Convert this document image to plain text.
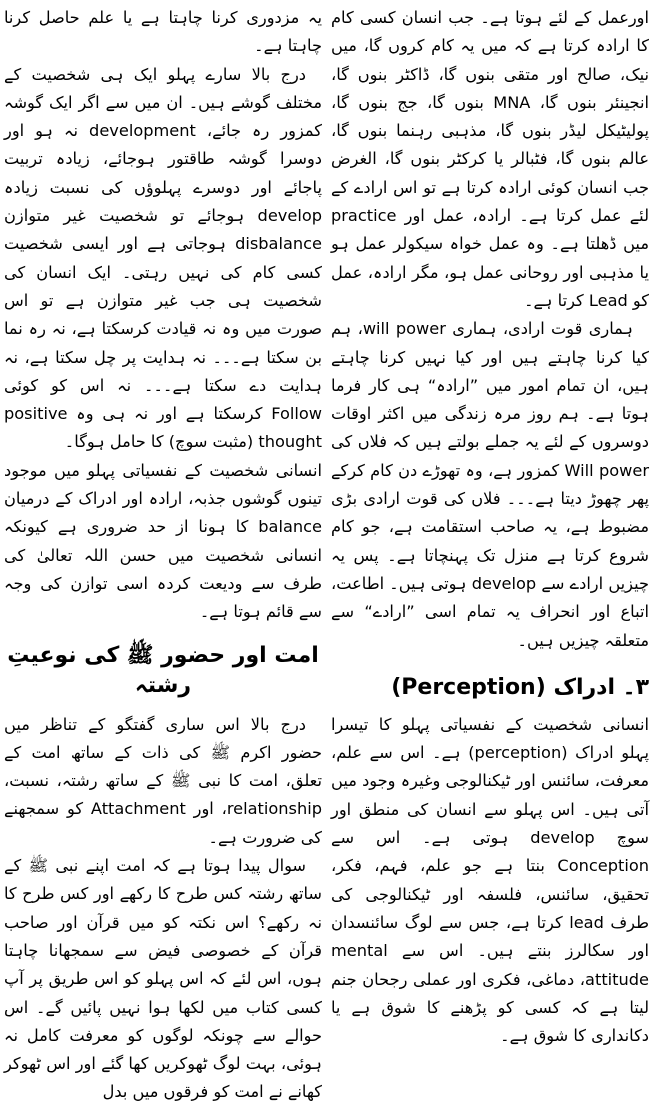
اورعمل کے لئے ہوتا ہے۔ جب انسان کسی کام کا ارادہ کرتا ہے کہ میں یہ کام کروں گا، میں نیک، صالح اور متقی بنوں گا، ڈاکٹر بنوں گا، انجینئر بنوں گا، MNA بنوں گا، جج بنوں گا، پولیٹیکل لیڈر بنوں گا، مذہبی رہنما بنوں گا، عالم بنوں گا، فٹبالر یا کرکٹر بنوں گا، الغرض جب انسان کوئی ارادہ کرتا ہے تو اس ارادے کے لئے عمل کرتا ہے۔ ارادہ، عمل اور practice میں ڈھلتا ہے۔ وہ عمل خواہ سیکولر عمل ہو یا مذہبی اور روحانی عمل ہو، مگر ارادہ، عمل کو Lead کرتا ہے۔

ہماری قوت ارادی، ہماری will power، ہم کیا کرنا چاہتے ہیں اور کیا نہیں کرنا چاہتے ہیں، ان تمام امور میں ”ارادہ“ ہی کار فرما ہوتا ہے۔ ہم روز مرہ زندگی میں اکثر اوقات دوسروں کے لئے یہ جملے بولتے ہیں کہ فلاں کی Will power کمزور ہے، وہ تھوڑے دن کام کرکے پھر چھوڑ دیتا ہے۔۔۔ فلاں کی قوت ارادی بڑی مضبوط ہے، یہ صاحب استقامت ہے، جو کام شروع کرتا ہے منزل تک پہنچاتا ہے۔ پس یہ چیزیں ارادے سے develop ہوتی ہیں۔ اطاعت، اتباع اور انحراف یہ تمام اسی ”ارادے“ سے متعلقہ چیزیں ہیں۔

۳۔ ادراک (Perception)

انسانی شخصیت کے نفسیاتی پہلو کا تیسرا پہلو ادراک (perception) ہے۔ اس سے علم، معرفت، سائنس اور ٹیکنالوجی وغیرہ وجود میں آتی ہیں۔ اس پہلو سے انسان کی منطق اور سوچ develop ہوتی ہے۔ اس سے Conception بنتا ہے جو علم، فہم، فکر، تحقیق، سائنس، فلسفہ اور ٹیکنالوجی کی طرف lead کرتا ہے، جس سے لوگ سائنسدان اور سکالرز بنتے ہیں۔ اس سے mental attitude، دماغی، فکری اور عملی رجحان جنم لیتا ہے کہ کسی کو پڑھنے کا شوق ہے یا دکانداری کا شوق ہے۔

یہ مزدوری کرنا چاہتا ہے یا علم حاصل کرنا چاہتا ہے۔

درج بالا سارے پہلو ایک ہی شخصیت کے مختلف گوشے ہیں۔ ان میں سے اگر ایک گوشہ کمزور رہ جائے، development نہ ہو اور دوسرا گوشہ طاقتور ہوجائے، زیادہ تربیت پاجائے اور دوسرے پہلوؤں کی نسبت زیادہ develop ہوجائے تو شخصیت غیر متوازن disbalance ہوجاتی ہے اور ایسی شخصیت کسی کام کی نہیں رہتی۔ ایک انسان کی شخصیت ہی جب غیر متوازن ہے تو اس صورت میں وہ نہ قیادت کرسکتا ہے، نہ رہ نما بن سکتا ہے۔۔۔ نہ ہدایت پر چل سکتا ہے، نہ ہدایت دے سکتا ہے۔۔۔ نہ اس کو کوئی Follow کرسکتا ہے اور نہ ہی وہ positive thought (مثبت سوچ) کا حامل ہوگا۔

انسانی شخصیت کے نفسیاتی پہلو میں موجود تینوں گوشوں جذبہ، ارادہ اور ادراک کے درمیان balance کا ہونا از حد ضروری ہے کیونکہ انسانی شخصیت میں حسن اللہ تعالیٰ کی طرف سے ودیعت کردہ اسی توازن کی وجہ سے قائم ہوتا ہے۔

امت اور حضور ﷺ کی نوعیتِ رشتہ

درج بالا اس ساری گفتگو کے تناظر میں حضور اکرم ﷺ کی ذات کے ساتھ امت کے تعلق، امت کا نبی ﷺ کے ساتھ رشتہ، نسبت، relationship، اور Attachment کو سمجھنے کی ضرورت ہے۔

سوال پیدا ہوتا ہے کہ امت اپنے نبی ﷺ کے ساتھ رشتہ کس طرح کا رکھے اور کس طرح کا نہ رکھے؟ اس نکتہ کو میں قرآن اور صاحب قرآن کے خصوصی فیض سے سمجھانا چاہتا ہوں، اس لئے کہ اس پہلو کو اس طریق پر آپ کسی کتاب میں لکھا ہوا نہیں پائیں گے۔ اس حوالے سے چونکہ لوگوں کو معرفت کامل نہ ہوئی، بہت لوگ ٹھوکریں کھا گئے اور اس ٹھوکر کھانے نے امت کو فرقوں میں بدل
